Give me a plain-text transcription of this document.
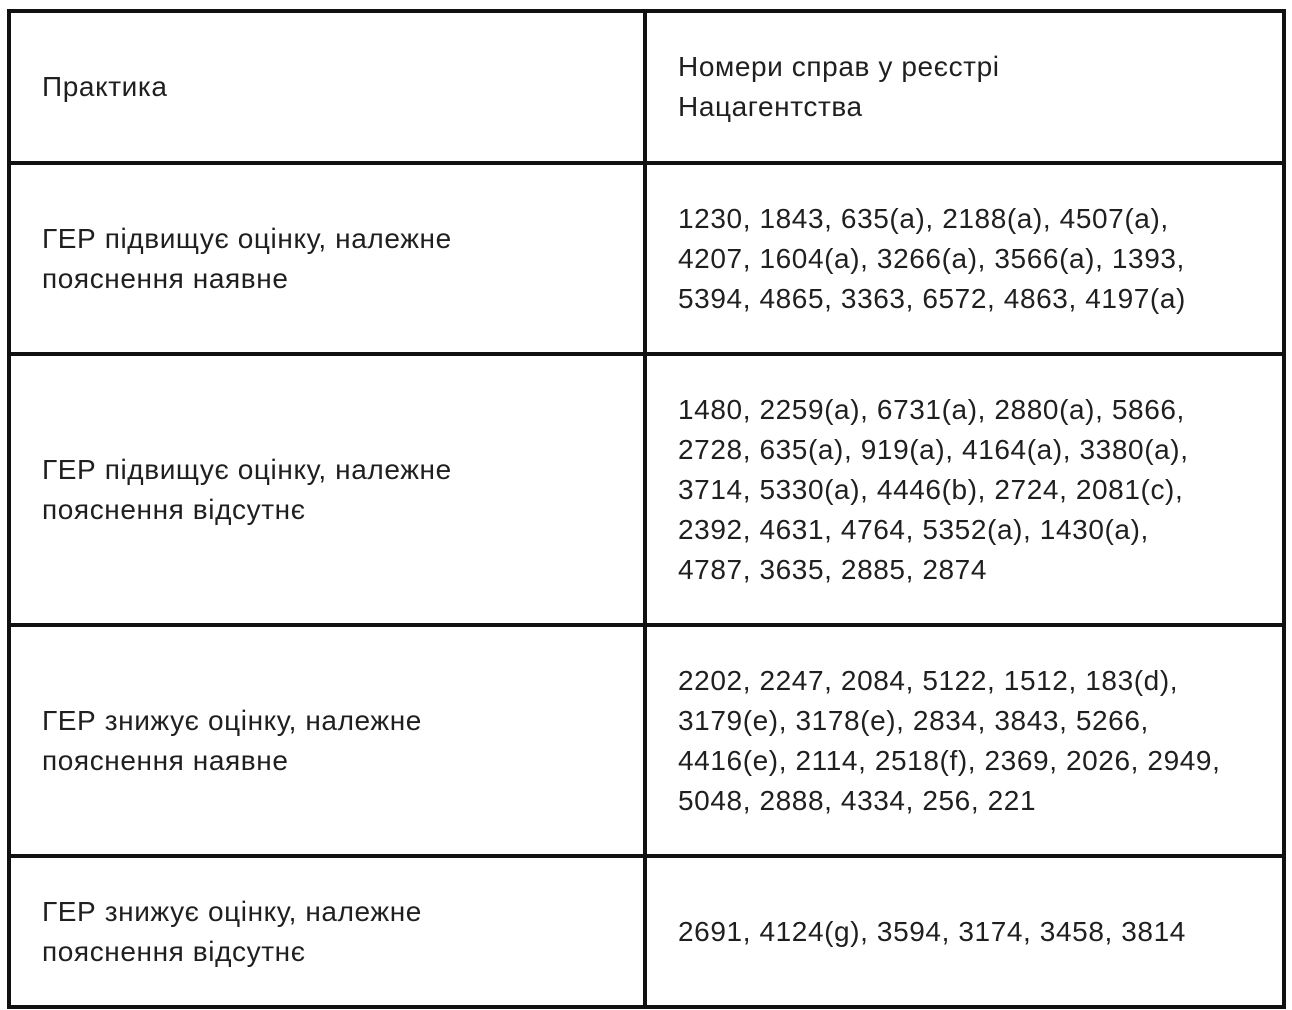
Практика	Номери справ у реєстрі
Нацагентства

ГЕР підвищує оцінку, належне
пояснення наявне	1230, 1843, 635(a), 2188(a), 4507(a),
4207, 1604(a), 3266(a), 3566(a), 1393,
5394, 4865, 3363, 6572, 4863, 4197(a)

ГЕР підвищує оцінку, належне
пояснення відсутнє	1480, 2259(a), 6731(a), 2880(a), 5866,
2728, 635(a), 919(a), 4164(a), 3380(a),
3714, 5330(a), 4446(b), 2724, 2081(c),
2392, 4631, 4764, 5352(a), 1430(a),
4787, 3635, 2885, 2874

ГЕР знижує оцінку, належне
пояснення наявне	2202, 2247, 2084, 5122, 1512, 183(d),
3179(e), 3178(e), 2834, 3843, 5266,
4416(e), 2114, 2518(f), 2369, 2026, 2949,
5048, 2888, 4334, 256, 221

ГЕР знижує оцінку, належне
пояснення відсутнє	2691, 4124(g), 3594, 3174, 3458, 3814
